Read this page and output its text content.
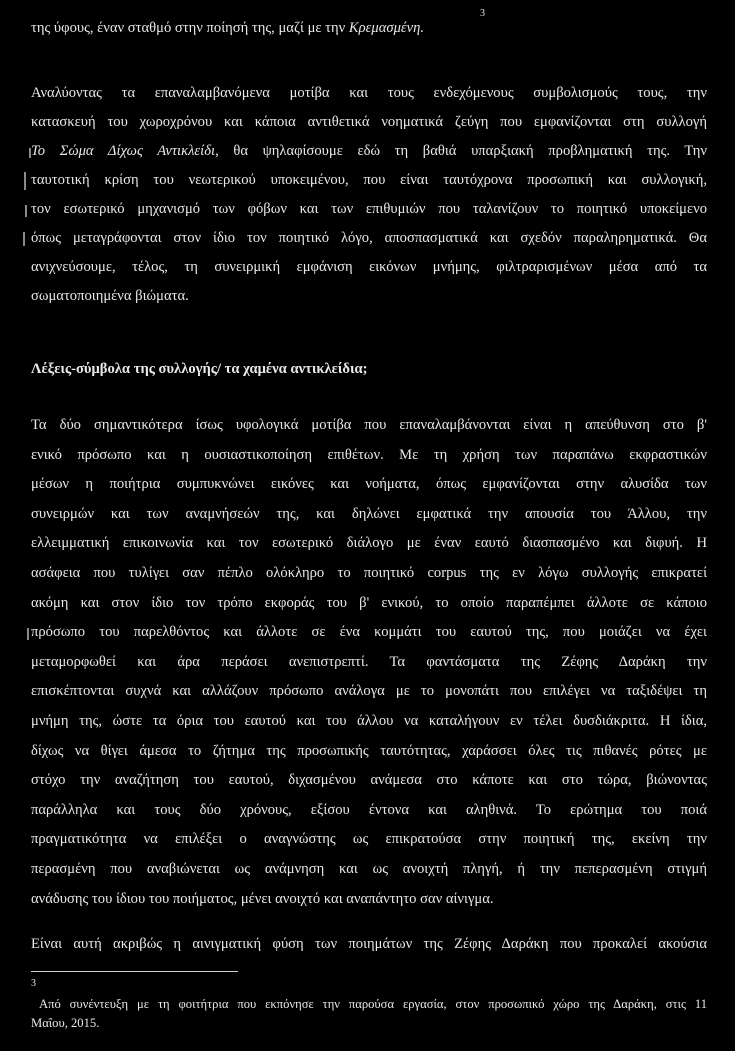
της ύφους, έναν σταθμό στην ποίησή της, μαζί με την Κρεμασμένη.
3
Αναλύοντας τα επαναλαμβανόμενα μοτίβα και τους ενδεχόμενους συμβολισμούς τους, την
κατασκευή του χωροχρόνου και κάποια αντιθετικά νοηματικά ζεύγη που εμφανίζονται στη συλλογή
Το Σώμα Δίχως Αντικλείδι, θα ψηλαφίσουμε εδώ τη βαθιά υπαρξιακή προβληματική της. Την
ταυτοτική κρίση του νεωτερικού υποκειμένου, που είναι ταυτόχρονα προσωπική και συλλογική,
τον εσωτερικό μηχανισμό των φόβων και των επιθυμιών που ταλανίζουν το ποιητικό υποκείμενο
όπως μεταγράφονται στον ίδιο τον ποιητικό λόγο, αποσπασματικά και σχεδόν παραληρηματικά. Θα
ανιχνεύσουμε, τέλος, τη συνειρμική εμφάνιση εικόνων μνήμης, φιλτραρισμένων μέσα από τα
σωματοποιημένα βιώματα.
Λέξεις-σύμβολα της συλλογής/ τα χαμένα αντικλείδια;
Τα δύο σημαντικότερα ίσως υφολογικά μοτίβα που επαναλαμβάνονται είναι η απεύθυνση στο β'
ενικό πρόσωπο και η ουσιαστικοποίηση επιθέτων. Με τη χρήση των παραπάνω εκφραστικών
μέσων η ποιήτρια συμπυκνώνει εικόνες και νοήματα, όπως εμφανίζονται στην αλυσίδα των
συνειρμών και των αναμνήσεών της, και δηλώνει εμφατικά την απουσία του Άλλου, την
ελλειμματική επικοινωνία και τον εσωτερικό διάλογο με έναν εαυτό διασπασμένο και διφυή. Η
ασάφεια που τυλίγει σαν πέπλο ολόκληρο το ποιητικό corpus της εν λόγω συλλογής επικρατεί
ακόμη και στον ίδιο τον τρόπο εκφοράς του β' ενικού, το οποίο παραπέμπει άλλοτε σε κάποιο
πρόσωπο του παρελθόντος και άλλοτε σε ένα κομμάτι του εαυτού της, που μοιάζει να έχει
μεταμορφωθεί και άρα περάσει ανεπιστρεπτί. Τα φαντάσματα της Ζέφης Δαράκη την
επισκέπτονται συχνά και αλλάζουν πρόσωπο ανάλογα με το μονοπάτι που επιλέγει να ταξιδέψει τη
μνήμη της, ώστε τα όρια του εαυτού και του άλλου να καταλήγουν εν τέλει δυσδιάκριτα. Η ίδια,
δίχως να θίγει άμεσα το ζήτημα της προσωπικής ταυτότητας, χαράσσει όλες τις πιθανές ρότες με
στόχο την αναζήτηση του εαυτού, διχασμένου ανάμεσα στο κάποτε και στο τώρα, βιώνοντας
παράλληλα και τους δύο χρόνους, εξίσου έντονα και αληθινά. Το ερώτημα του ποιά
πραγματικότητα να επιλέξει ο αναγνώστης ως επικρατούσα στην ποιητική της, εκείνη την
περασμένη που αναβιώνεται ως ανάμνηση και ως ανοιχτή πληγή, ή την πεπερασμένη στιγμή
ανάδυσης του ίδιου του ποιήματος, μένει ανοιχτό και αναπάντητο σαν αίνιγμα.
Είναι αυτή ακριβώς η αινιγματική φύση των ποιημάτων της Ζέφης Δαράκη που προκαλεί ακούσια
3
Από συνέντευξη με τη φοιτήτρια που εκπόνησε την παρούσα εργασία, στον προσωπικό χώρο της Δαράκη, στις 11
Μαΐου, 2015.
